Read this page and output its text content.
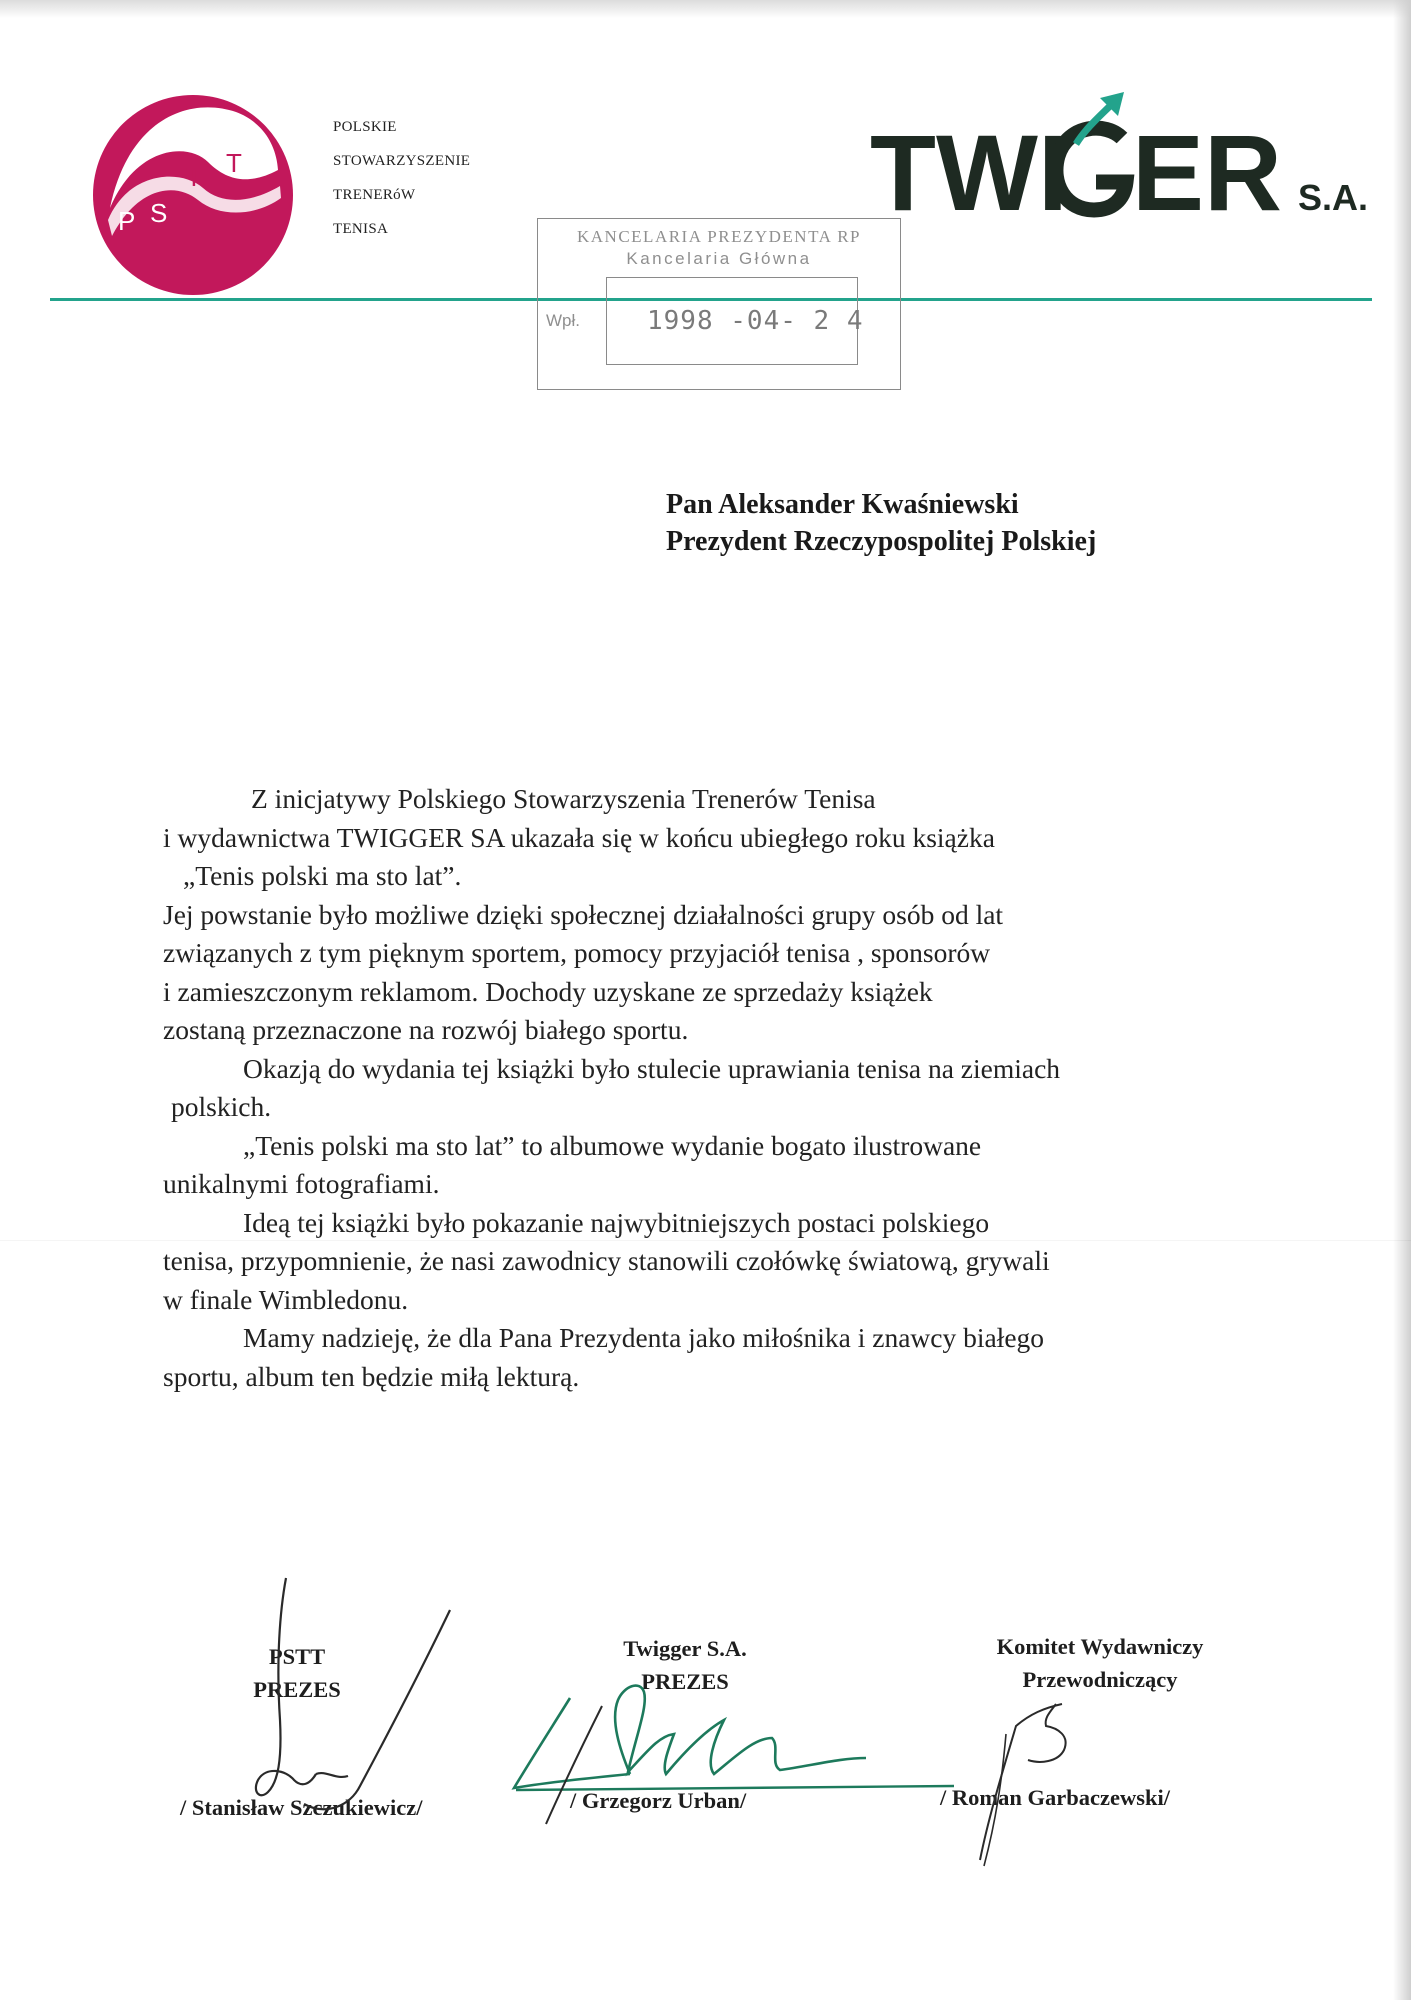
P S
T T
POLSKIE
STOWARZYSZENIE
TRENERóW
TENISA	TWI ER S.A.
KANCELARIA PREZYDENTA RP
Kancelaria Główna
Wpł.	1998 -04- 2 4
Pan Aleksander Kwaśniewski
Prezydent Rzeczypospolitej Polskiej
Z inicjatywy Polskiego Stowarzyszenia Trenerów Tenisa
i wydawnictwa TWIGGER SA ukazała się w końcu ubiegłego roku książka
„Tenis polski ma sto lat”.
Jej powstanie było możliwe dzięki społecznej działalności grupy osób od lat
związanych z tym pięknym sportem, pomocy przyjaciół tenisa , sponsorów
i zamieszczonym reklamom. Dochody uzyskane ze sprzedaży książek
zostaną przeznaczone na rozwój białego sportu.
Okazją do wydania tej książki było stulecie uprawiania tenisa na ziemiach
polskich.
„Tenis polski ma sto lat” to albumowe wydanie bogato ilustrowane
unikalnymi fotografiami.
Ideą tej książki było pokazanie najwybitniejszych postaci polskiego
tenisa, przypomnienie, że nasi zawodnicy stanowili czołówkę światową, grywali
w finale Wimbledonu.
Mamy nadzieję, że dla Pana Prezydenta jako miłośnika i znawcy białego
sportu, album ten będzie miłą lekturą.
PSTT
PREZES
Twigger S.A.
PREZES
Komitet Wydawniczy
Przewodniczący
/ Stanisław Szczukiewicz/	/ Grzegorz Urban/	/ Roman Garbaczewski/
